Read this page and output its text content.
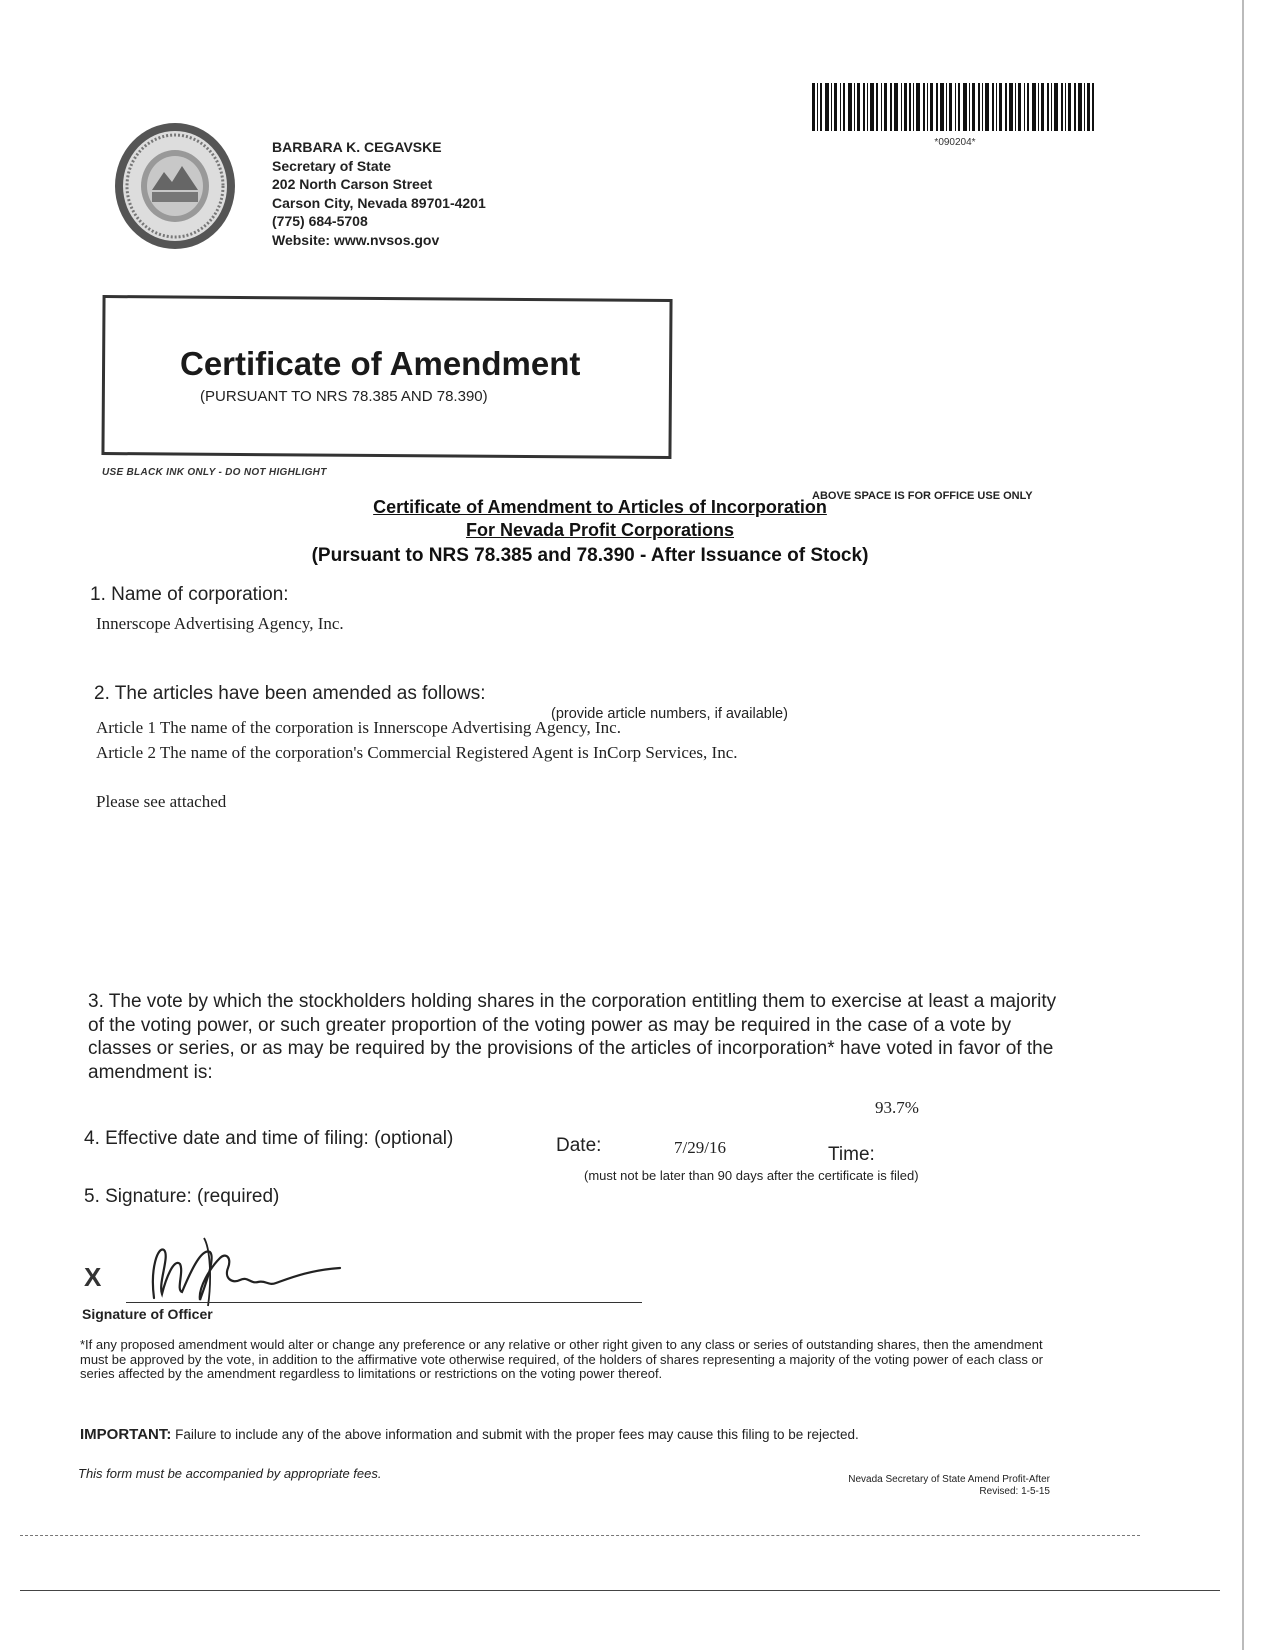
BARBARA K. CEGAVSKE
Secretary of State
202 North Carson Street
Carson City, Nevada 89701-4201
(775) 684-5708
Website: www.nvsos.gov
*090204*
Certificate of Amendment
(PURSUANT TO NRS 78.385 AND 78.390)
USE BLACK INK ONLY - DO NOT HIGHLIGHT
ABOVE SPACE IS FOR OFFICE USE ONLY
Certificate of Amendment to Articles of Incorporation
For Nevada Profit Corporations
(Pursuant to NRS 78.385 and 78.390 - After Issuance of Stock)
1. Name of corporation:
Innerscope Advertising Agency, Inc.
2. The articles have been amended as follows:
(provide article numbers, if available)
Article 1 The name of the corporation is Innerscope Advertising Agency, Inc.
Article 2 The name of the corporation's Commercial Registered Agent is InCorp Services, Inc.
Please see attached
3. The vote by which the stockholders holding shares in the corporation entitling them to exercise at least a majority of the voting power, or such greater proportion of the voting power as may be required in the case of a vote by classes or series, or as may be required by the provisions of the articles of incorporation* have voted in favor of the amendment is:
93.7%
4. Effective date and time of filing: (optional)	Date:	7/29/16	Time:
(must not be later than 90 days after the certificate is filed)
5. Signature: (required)
X
Signature of Officer
*If any proposed amendment would alter or change any preference or any relative or other right given to any class or series of outstanding shares, then the amendment must be approved by the vote, in addition to the affirmative vote otherwise required, of the holders of shares representing a majority of the voting power of each class or series affected by the amendment regardless to limitations or restrictions on the voting power thereof.
IMPORTANT: Failure to include any of the above information and submit with the proper fees may cause this filing to be rejected.
This form must be accompanied by appropriate fees.	Nevada Secretary of State Amend Profit-After
Revised: 1-5-15
